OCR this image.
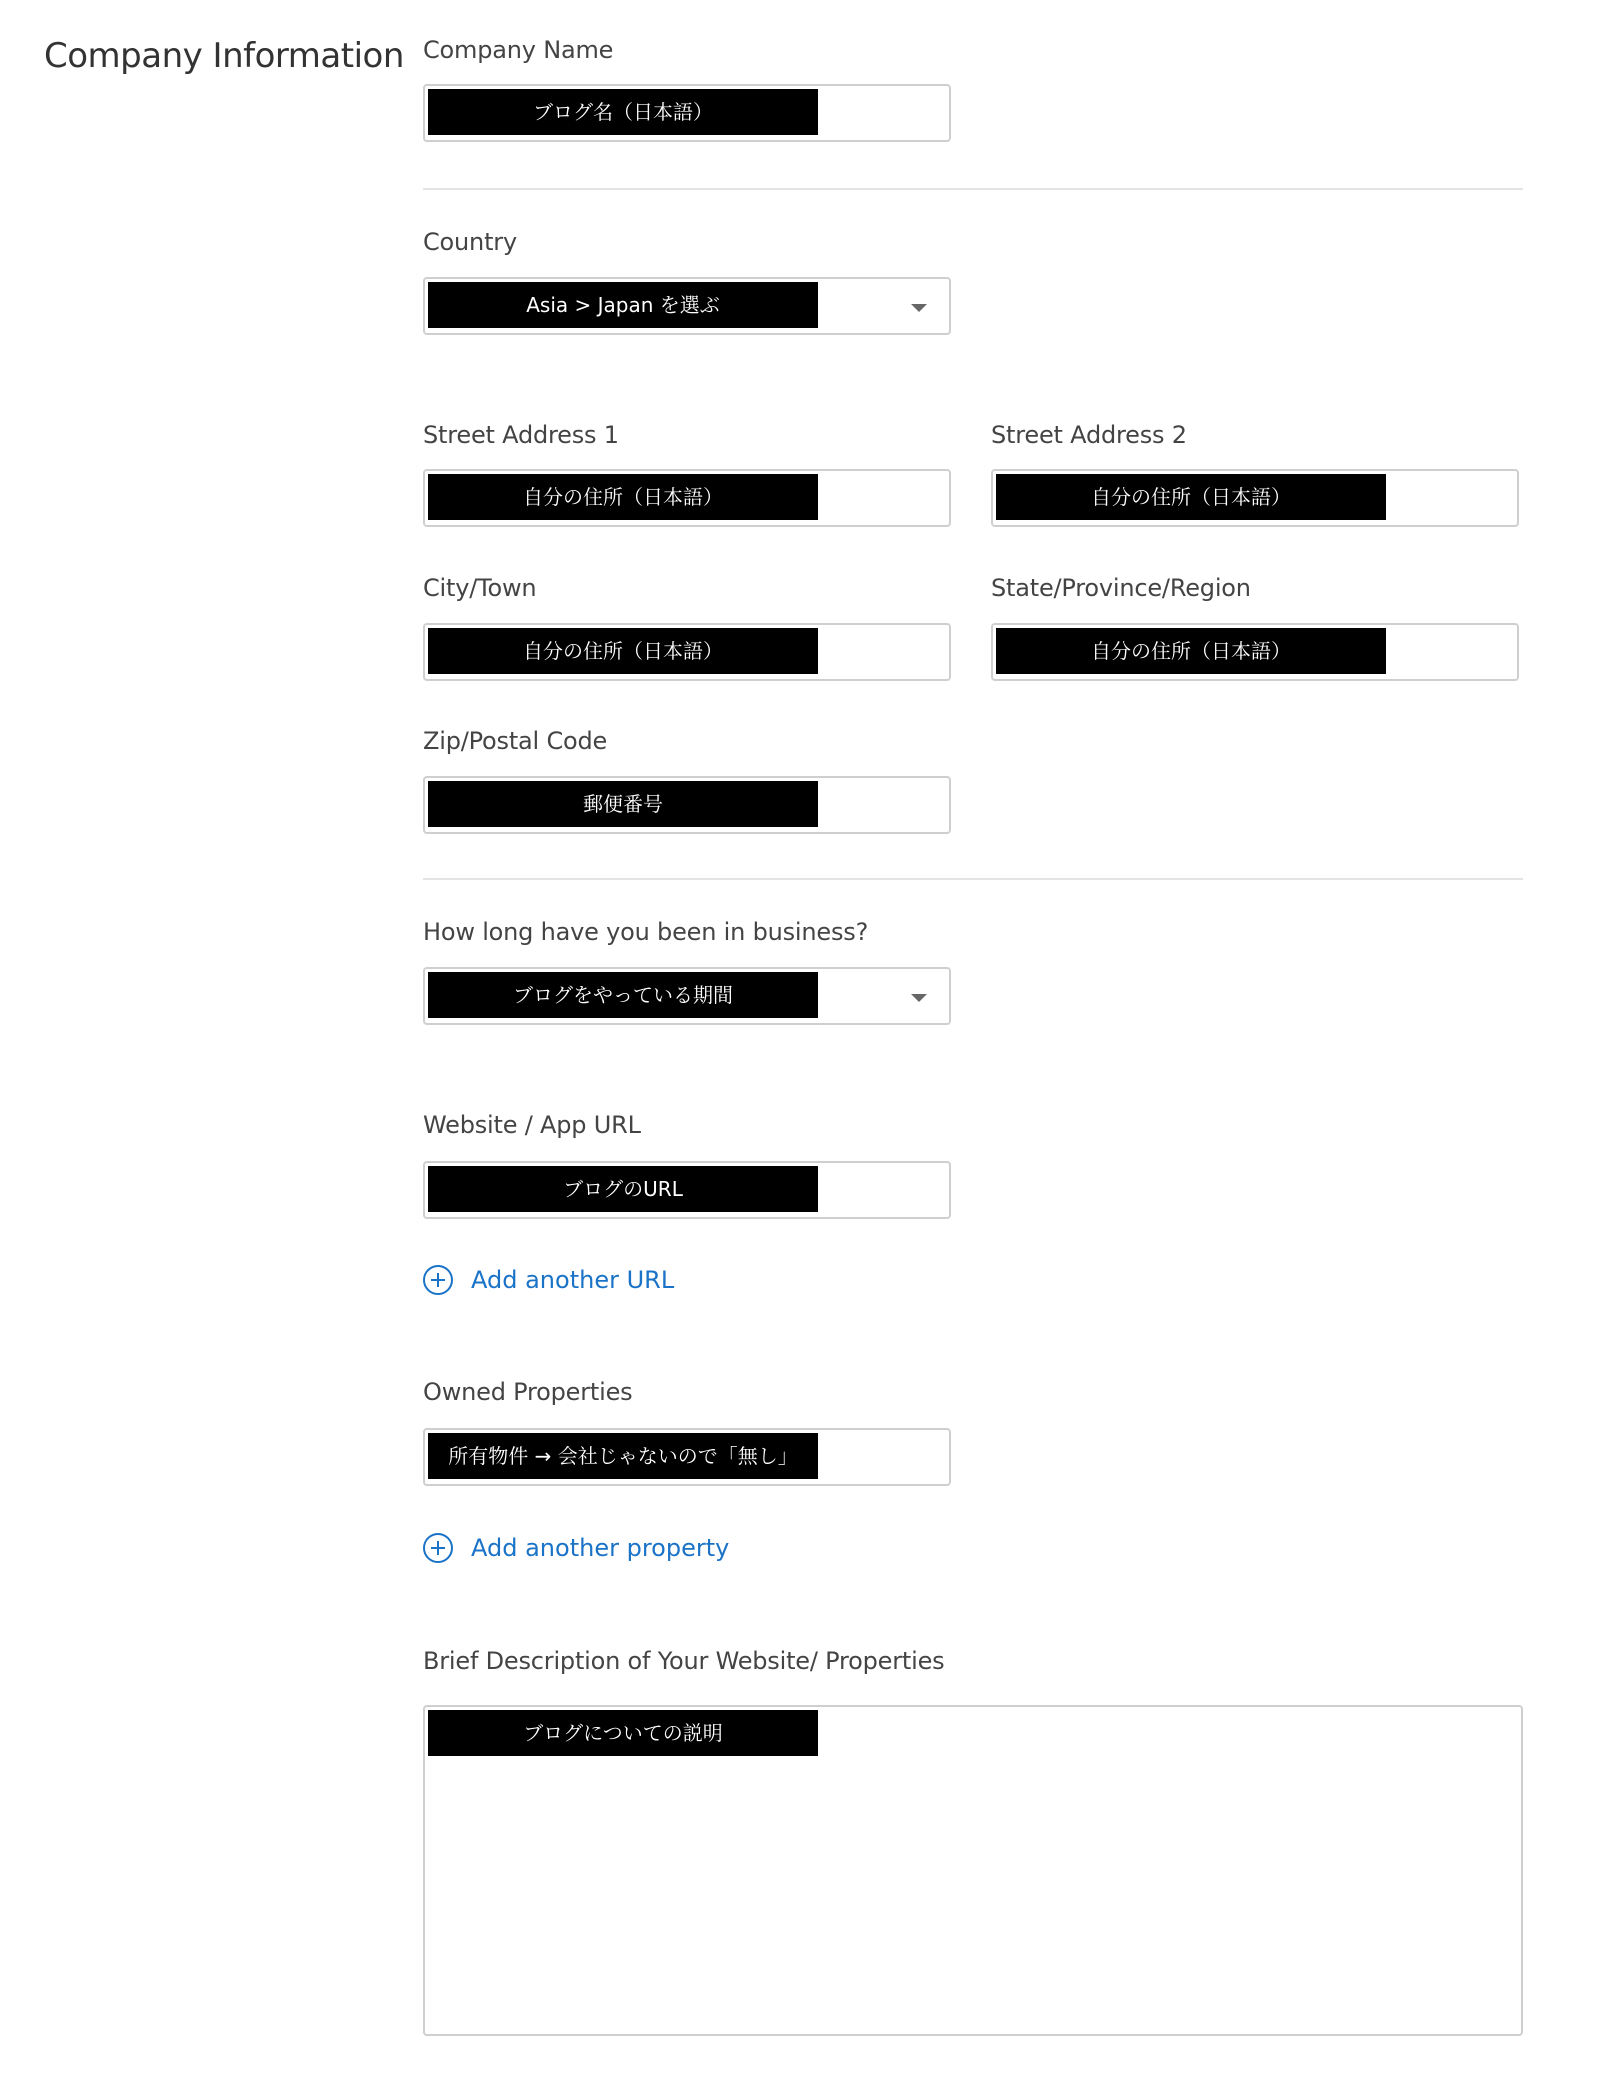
Company Information Company Name
ブログ名（日本語）
Country
Asia > Japan を選ぶ
Street Address 1
自分の住所（日本語）
Street Address 2
自分の住所（日本語）
City/Town
自分の住所（日本語）
State/Province/Region
自分の住所（日本語）
Zip/Postal Code
郵便番号
How long have you been in business?
ブログをやっている期間
Website / App URL
ブログのURL
Add another URL
Owned Properties
所有物件 → 会社じゃないので「無し」
Add another property
Brief Description of Your Website/ Properties
ブログについての説明
